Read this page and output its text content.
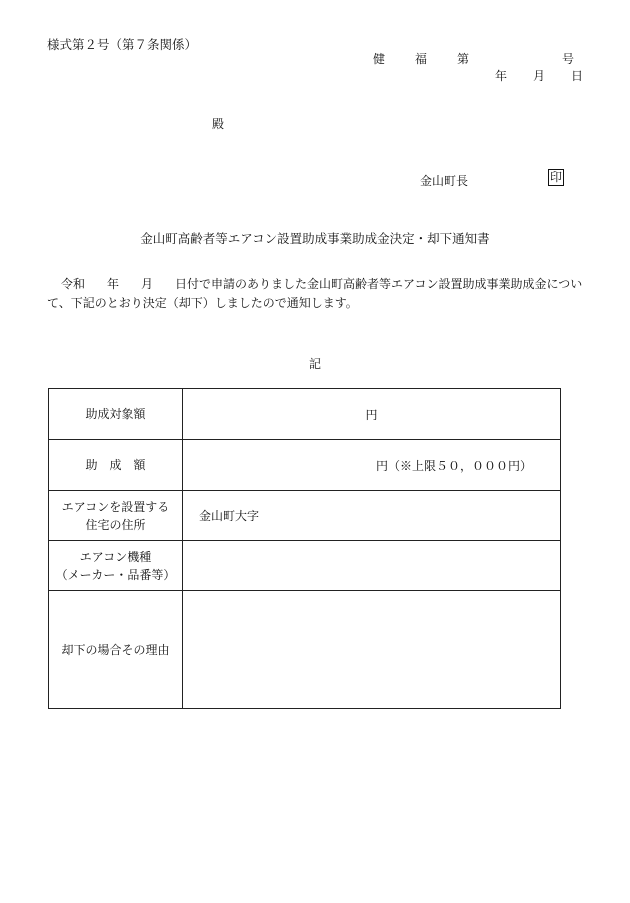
様式第２号（第７条関係）
健　福　第　　　　号
年 月 日
殿
金山町長	印
金山町高齢者等エアコン設置助成事業助成金決定・却下通知書
令和 年 月 日付で申請のありました金山町高齢者等エアコン設置助成事業助成金について、下記のとおり決定（却下）しましたので通知します。
記
助成対象額	円
助　成　額	円（※上限５０，０００円）

エアコンを設置する
住宅の住所	金山町大字

エアコン機種
（メーカー・品番等）	

却下の場合その理由	
